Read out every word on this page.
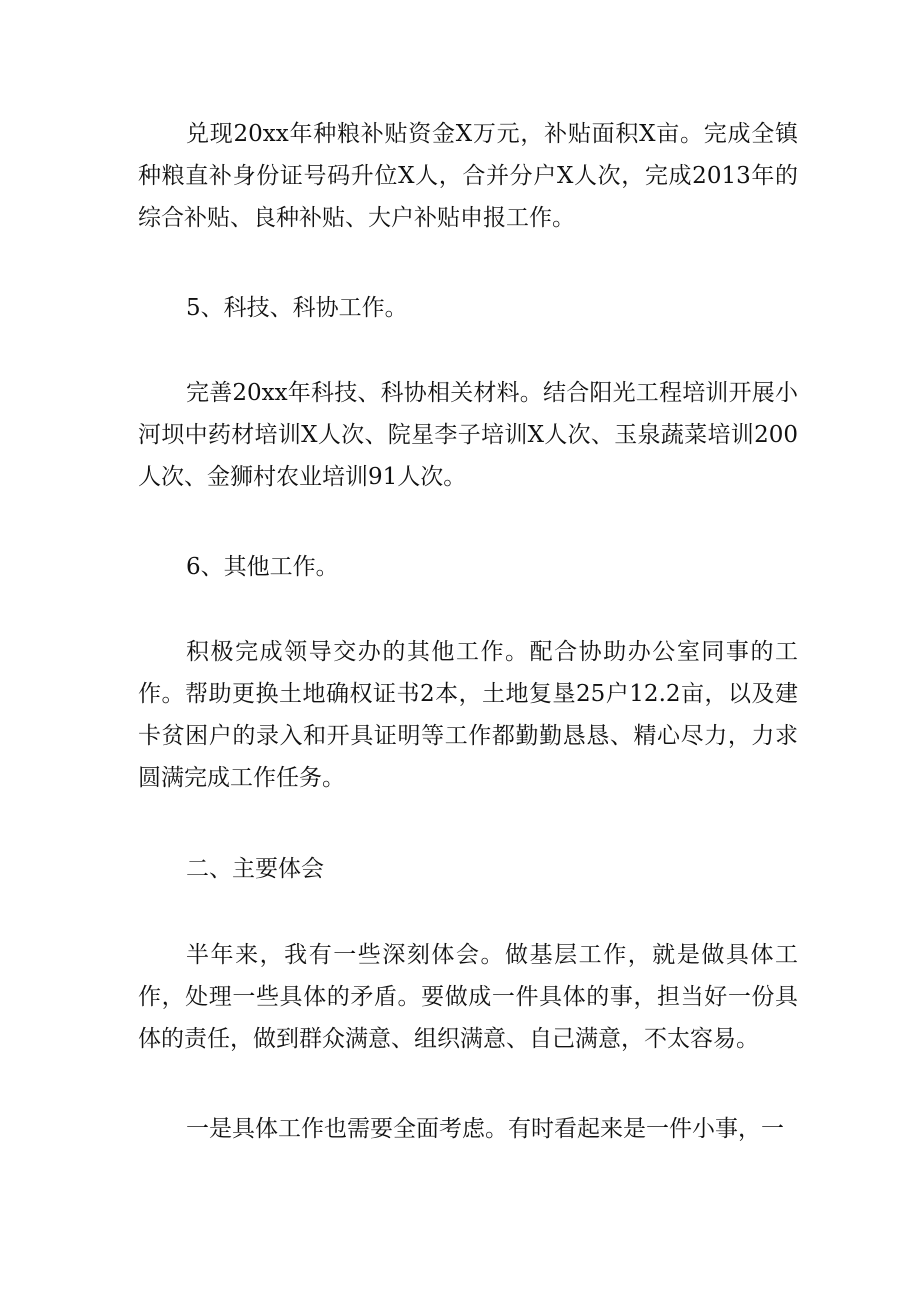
兑现20xx年种粮补贴资金X万元，补贴面积X亩。完成全镇种粮直补身份证号码升位X人，合并分户X人次，完成2013年的综合补贴、良种补贴、大户补贴申报工作。

5、科技、科协工作。

完善20xx年科技、科协相关材料。结合阳光工程培训开展小河坝中药材培训X人次、院星李子培训X人次、玉泉蔬菜培训200人次、金狮村农业培训91人次。

6、其他工作。

积极完成领导交办的其他工作。配合协助办公室同事的工作。帮助更换土地确权证书2本，土地复垦25户12.2亩，以及建卡贫困户的录入和开具证明等工作都勤勤恳恳、精心尽力，力求圆满完成工作任务。

二、主要体会

半年来，我有一些深刻体会。做基层工作，就是做具体工作，处理一些具体的矛盾。要做成一件具体的事，担当好一份具体的责任，做到群众满意、组织满意、自己满意，不太容易。

一是具体工作也需要全面考虑。有时看起来是一件小事，一
